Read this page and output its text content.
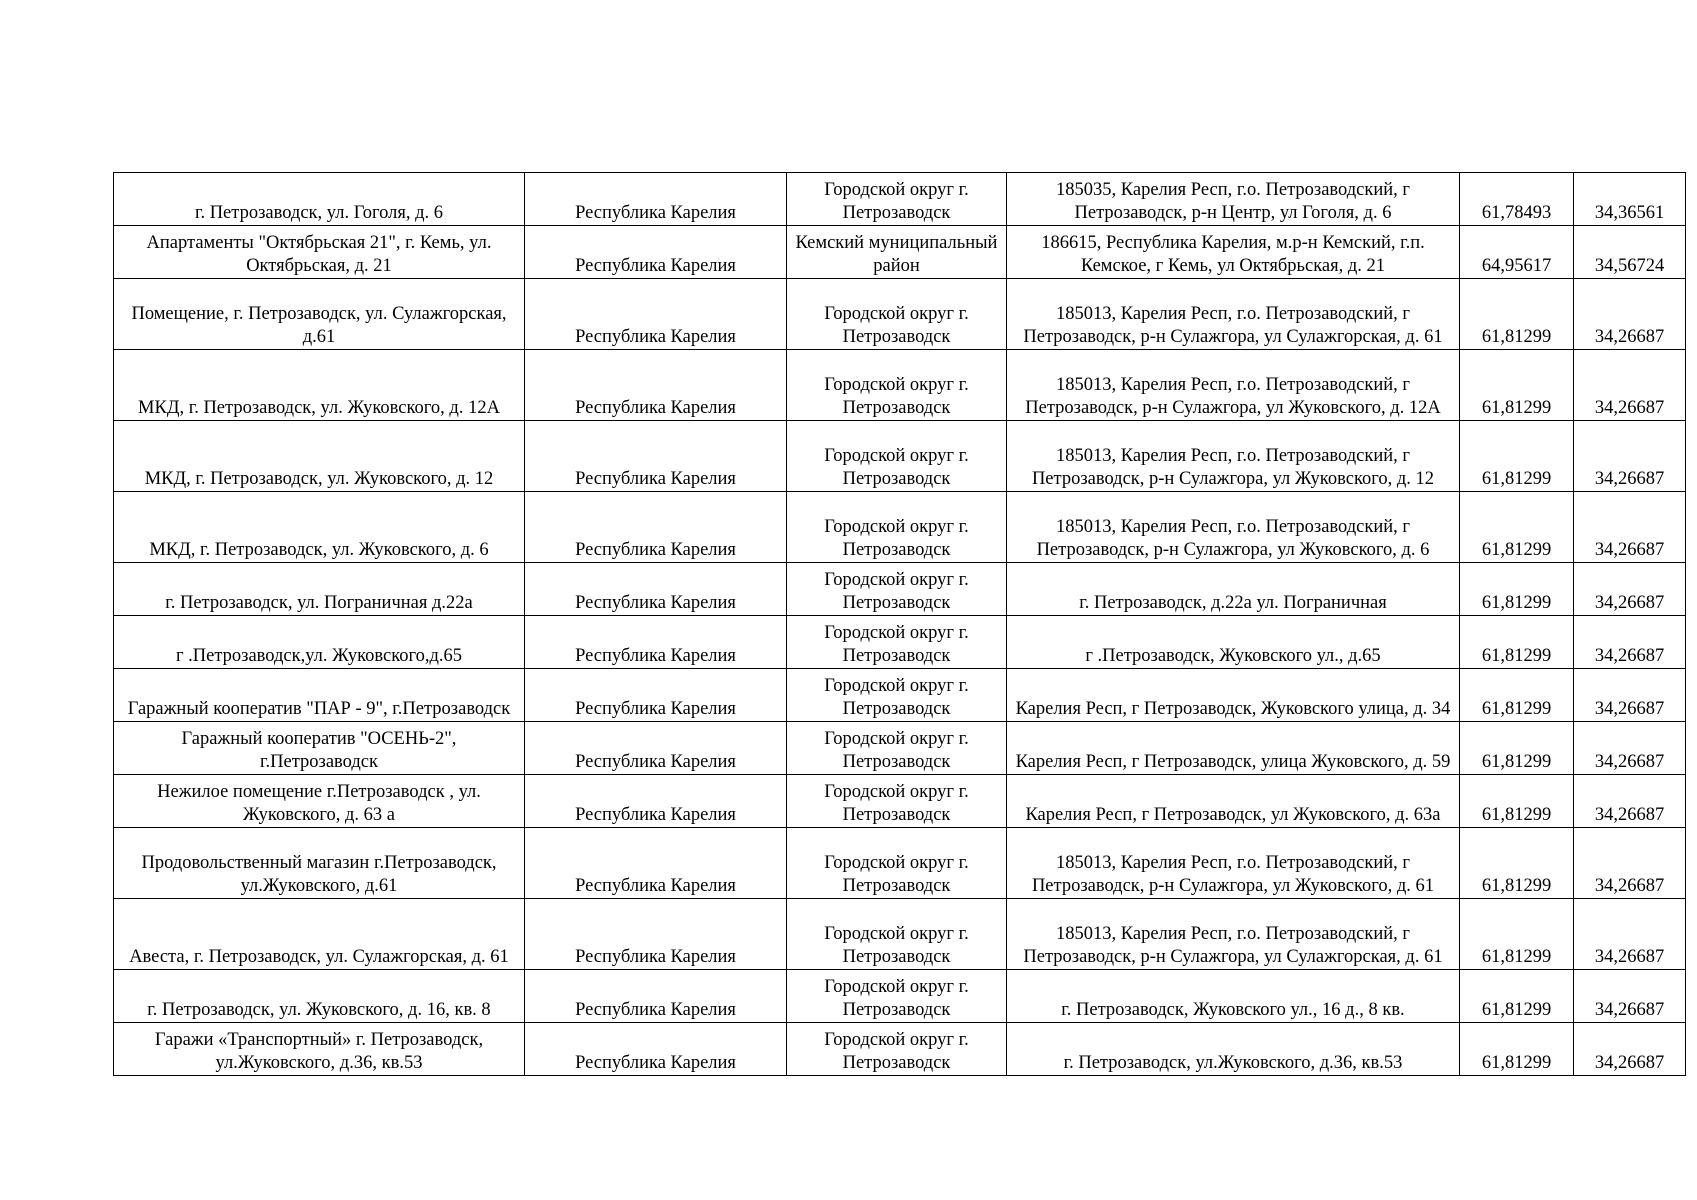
г. Петрозаводск, ул. Гоголя, д. 6	Республика Карелия	Городской округ г. Петрозаводск	185035, Карелия Респ, г.о. Петрозаводский, г Петрозаводск, р-н Центр, ул Гоголя, д. 6	61,78493	34,36561
Апартаменты "Октябрьская 21", г. Кемь, ул. Октябрьская, д. 21	Республика Карелия	Кемский муниципальный район	186615, Республика Карелия, м.р-н Кемский, г.п. Кемское, г Кемь, ул Октябрьская, д. 21	64,95617	34,56724
Помещение, г. Петрозаводск, ул. Сулажгорская, д.61	Республика Карелия	Городской округ г. Петрозаводск	185013, Карелия Респ, г.о. Петрозаводский, г Петрозаводск, р-н Сулажгора, ул Сулажгорская, д. 61	61,81299	34,26687
МКД, г. Петрозаводск, ул. Жуковского, д. 12А	Республика Карелия	Городской округ г. Петрозаводск	185013, Карелия Респ, г.о. Петрозаводский, г Петрозаводск, р-н Сулажгора, ул Жуковского, д. 12А	61,81299	34,26687
МКД, г. Петрозаводск, ул. Жуковского, д. 12	Республика Карелия	Городской округ г. Петрозаводск	185013, Карелия Респ, г.о. Петрозаводский, г Петрозаводск, р-н Сулажгора, ул Жуковского, д. 12	61,81299	34,26687
МКД, г. Петрозаводск, ул. Жуковского, д. 6	Республика Карелия	Городской округ г. Петрозаводск	185013, Карелия Респ, г.о. Петрозаводский, г Петрозаводск, р-н Сулажгора, ул Жуковского, д. 6	61,81299	34,26687
г. Петрозаводск, ул. Пограничная д.22а	Республика Карелия	Городской округ г. Петрозаводск	г. Петрозаводск, д.22а ул. Пограничная	61,81299	34,26687
г .Петрозаводск,ул. Жуковского,д.65	Республика Карелия	Городской округ г. Петрозаводск	г .Петрозаводск, Жуковского ул., д.65	61,81299	34,26687
Гаражный кооператив "ПАР - 9", г.Петрозаводск	Республика Карелия	Городской округ г. Петрозаводск	Карелия Респ, г Петрозаводск, Жуковского улица, д. 34	61,81299	34,26687
Гаражный кооператив "ОСЕНЬ-2", г.Петрозаводск	Республика Карелия	Городской округ г. Петрозаводск	Карелия Респ, г Петрозаводск, улица Жуковского, д. 59	61,81299	34,26687
Нежилое помещение г.Петрозаводск , ул. Жуковского, д. 63 а	Республика Карелия	Городской округ г. Петрозаводск	Карелия Респ, г Петрозаводск, ул Жуковского, д. 63а	61,81299	34,26687
Продовольственный магазин г.Петрозаводск, ул.Жуковского, д.61	Республика Карелия	Городской округ г. Петрозаводск	185013, Карелия Респ, г.о. Петрозаводский, г Петрозаводск, р-н Сулажгора, ул Жуковского, д. 61	61,81299	34,26687
Авеста, г. Петрозаводск, ул. Сулажгорская, д. 61	Республика Карелия	Городской округ г. Петрозаводск	185013, Карелия Респ, г.о. Петрозаводский, г Петрозаводск, р-н Сулажгора, ул Сулажгорская, д. 61	61,81299	34,26687
г. Петрозаводск, ул. Жуковского, д. 16, кв. 8	Республика Карелия	Городской округ г. Петрозаводск	г. Петрозаводск, Жуковского ул., 16 д., 8 кв.	61,81299	34,26687
Гаражи «Транспортный» г. Петрозаводск, ул.Жуковского, д.36, кв.53	Республика Карелия	Городской округ г. Петрозаводск	г. Петрозаводск, ул.Жуковского, д.36, кв.53	61,81299	34,26687
